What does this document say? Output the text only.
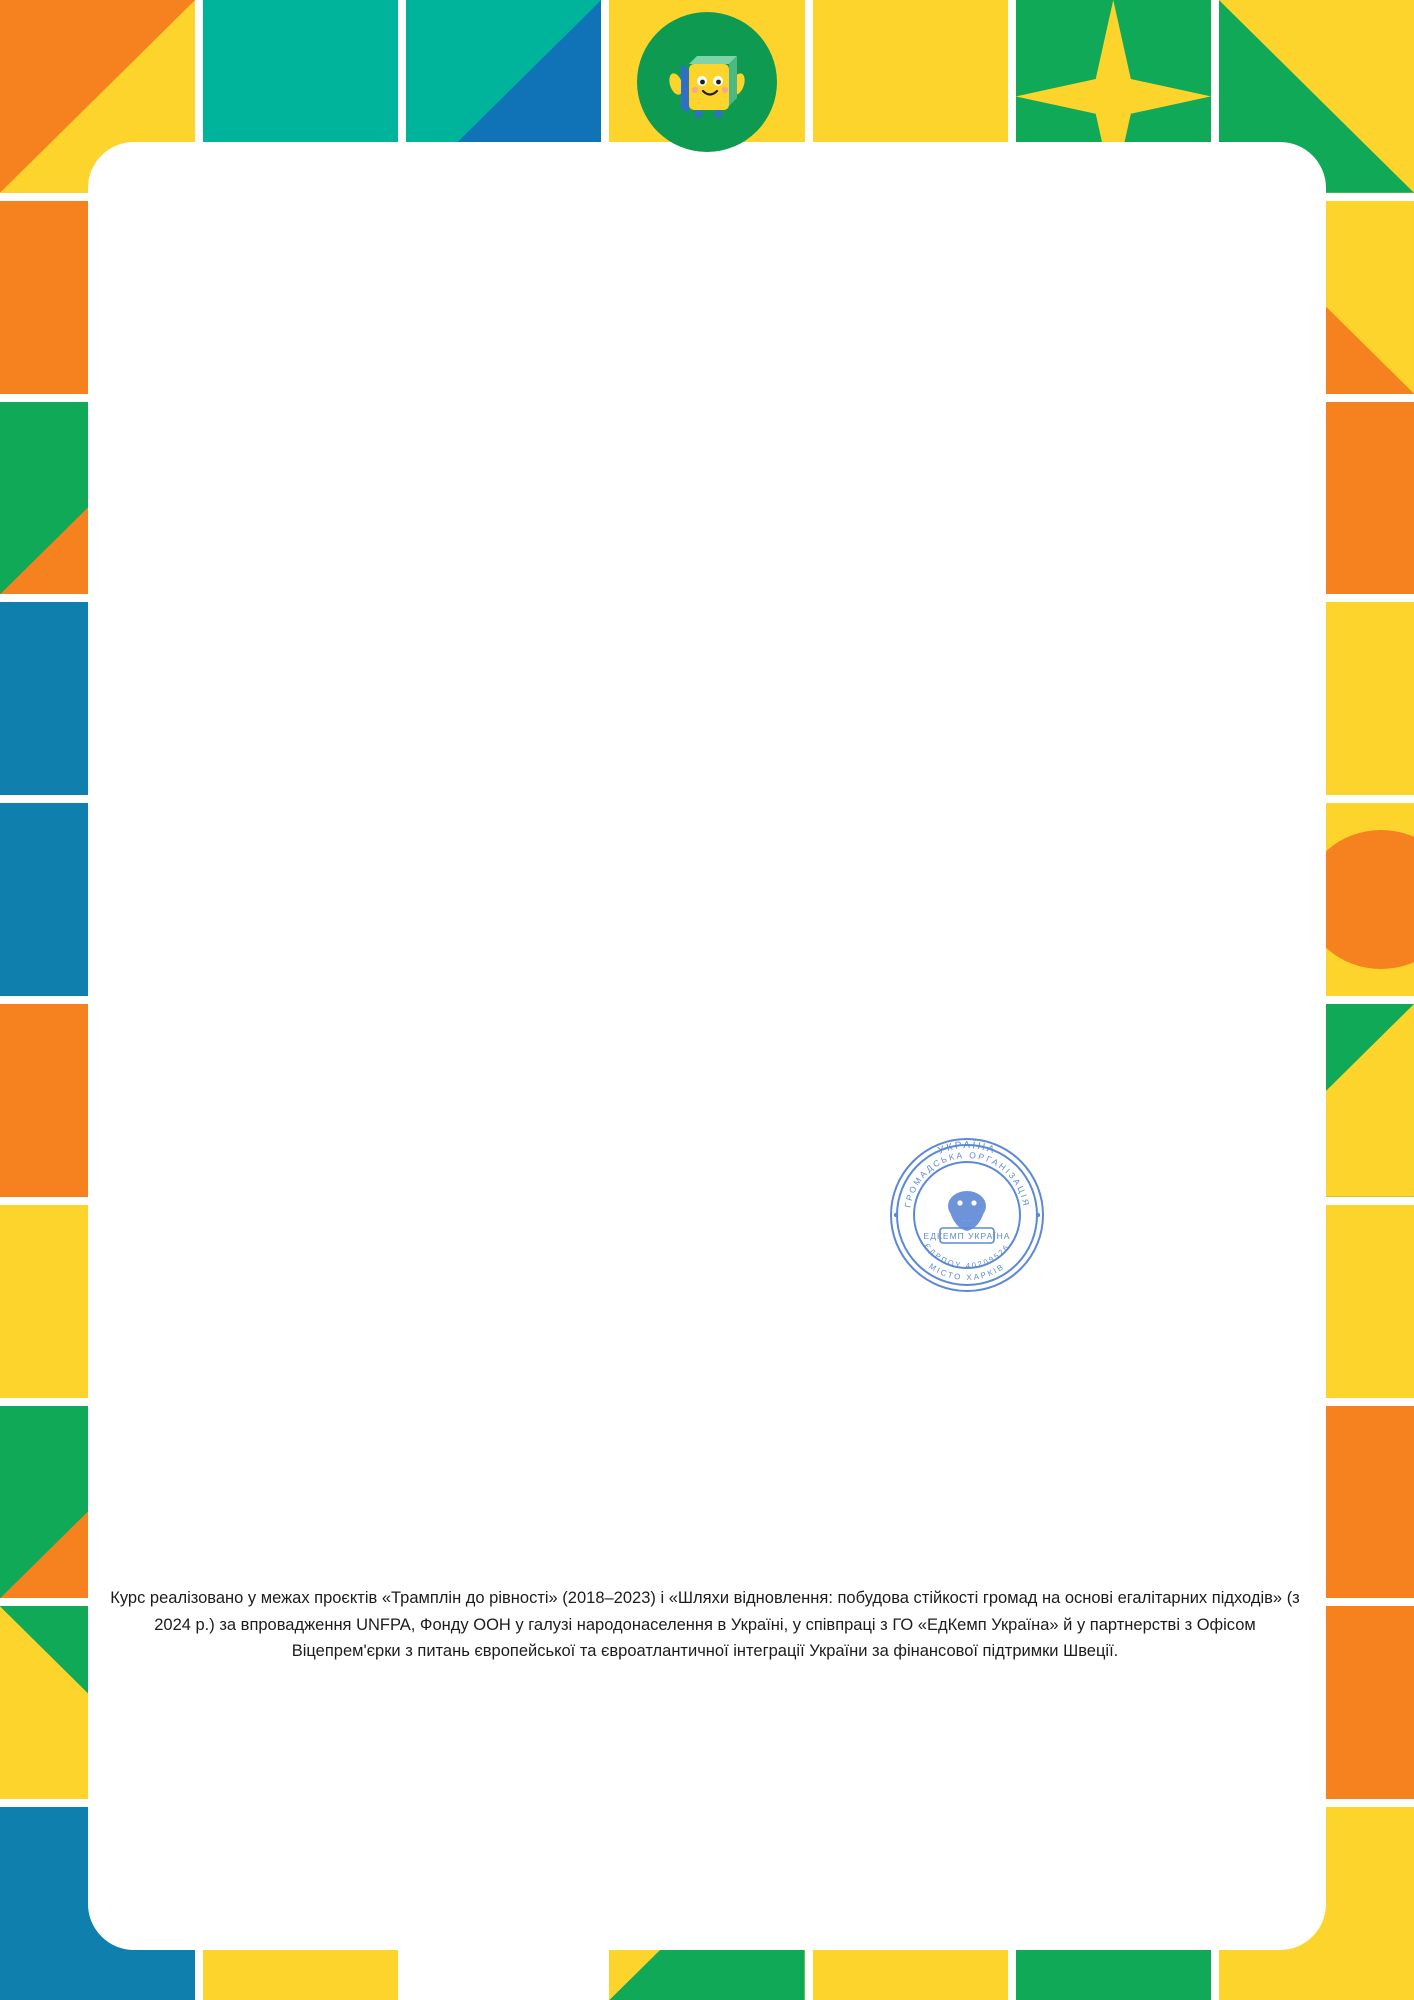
УКРАЇНА
ГРОМАДСЬКА ОРГАНІЗАЦІЯ
МІСТО ХАРКІВ
ЄДРПОУ 40209526
ЕДКЕМП УКРАЇНА

Курс реалізовано у межах проєктів «Трамплін до рівності» (2018–2023) і «Шляхи відновлення: побудова стійкості громад на основі егалітарних підходів» (з 2024 р.) за впровадження UNFPA, Фонду ООН у галузі народонаселення в Україні, у співпраці з ГО «ЕдКемп Україна» й у партнерстві з Офісом Віцепрем'єрки з питань європейської та євроатлантичної інтеграції України за фінансової підтримки Швеції.
